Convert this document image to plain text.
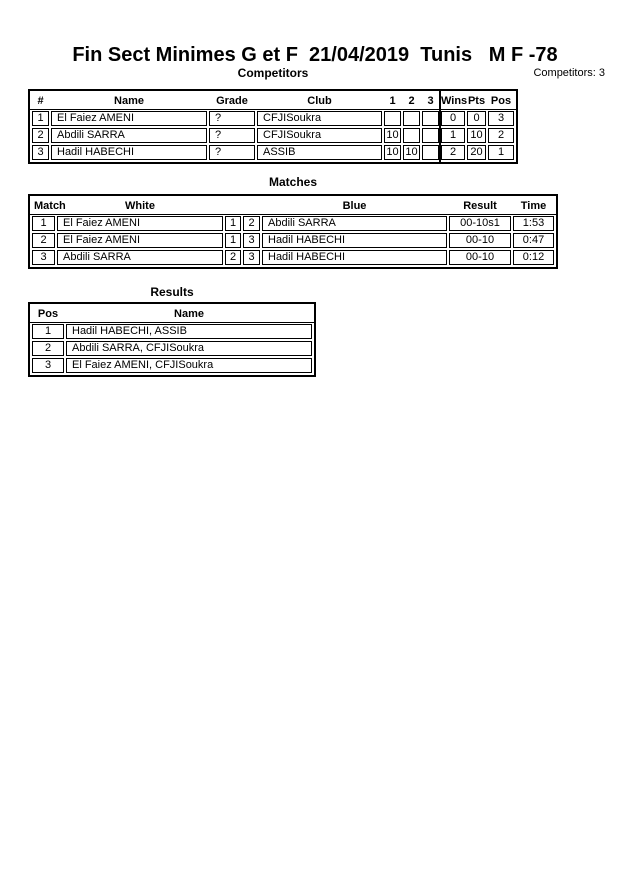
Fin Sect Minimes G et F  21/04/2019  Tunis   M F -78
Competitors	Competitors: 3
#	Name	Grade	Club	1	2	3	Wins	Pts	Pos
1	El Faiez AMENI	?	CFJISoukra				0	0	3
2	Abdili SARRA	?	CFJISoukra	10			1	10	2
3	Hadil HABECHI	?	ASSIB	10	10		2	20	1
Matches
Match	White			Blue	Result	Time
1	El Faiez AMENI	1	2	Abdili SARRA	00-10s1	1:53
2	El Faiez AMENI	1	3	Hadil HABECHI	00-10	0:47
3	Abdili SARRA	2	3	Hadil HABECHI	00-10	0:12
Results
Pos	Name
1	Hadil HABECHI, ASSIB
2	Abdili SARRA, CFJISoukra
3	El Faiez AMENI, CFJISoukra
